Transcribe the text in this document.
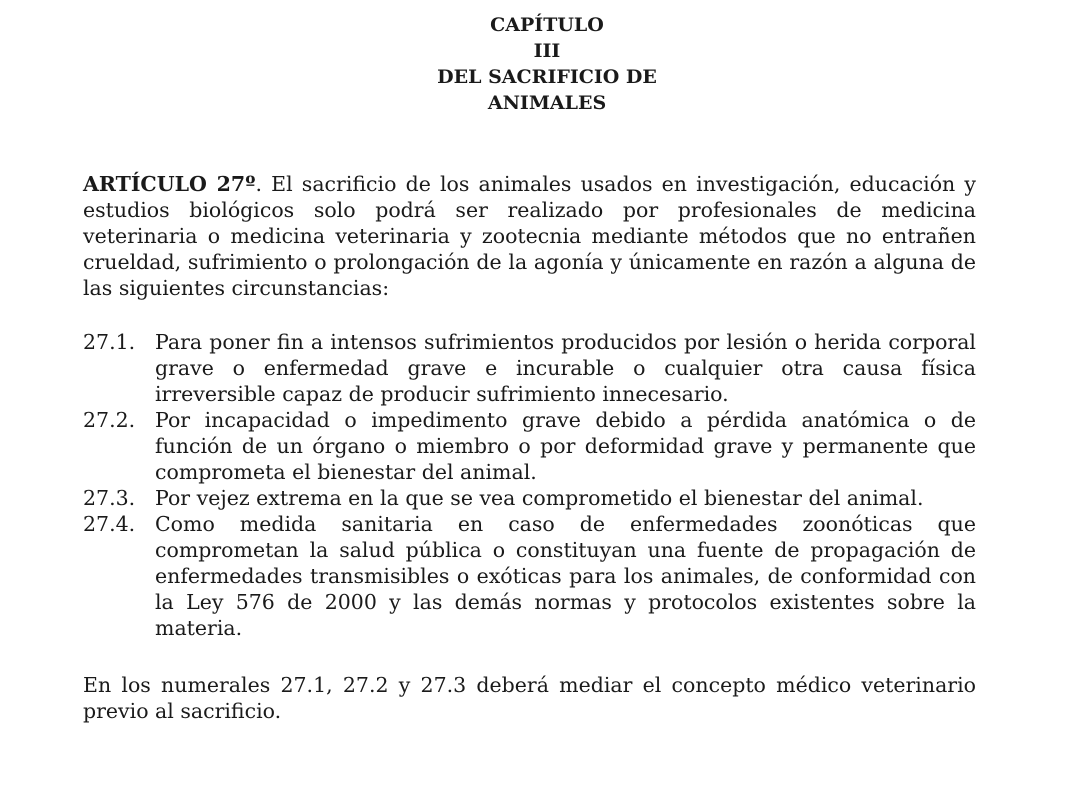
CAPÍTULO
III
DEL SACRIFICIO DE
ANIMALES

ARTÍCULO 27º. El sacrificio de los animales usados en investigación, educación y estudios biológicos solo podrá ser realizado por profesionales de medicina veterinaria o medicina veterinaria y zootecnia mediante métodos que no entrañen crueldad, sufrimiento o prolongación de la agonía y únicamente en razón a alguna de las siguientes circunstancias:

27.1. Para poner fin a intensos sufrimientos producidos por lesión o herida corporal grave o enfermedad grave e incurable o cualquier otra causa física irreversible capaz de producir sufrimiento innecesario.
27.2. Por incapacidad o impedimento grave debido a pérdida anatómica o de función de un órgano o miembro o por deformidad grave y permanente que comprometa el bienestar del animal.
27.3. Por vejez extrema en la que se vea comprometido el bienestar del animal.
27.4. Como medida sanitaria en caso de enfermedades zoonóticas que comprometan la salud pública o constituyan una fuente de propagación de enfermedades transmisibles o exóticas para los animales, de conformidad con la Ley 576 de 2000 y las demás normas y protocolos existentes sobre la materia.

En los numerales 27.1, 27.2 y 27.3 deberá mediar el concepto médico veterinario previo al sacrificio.
